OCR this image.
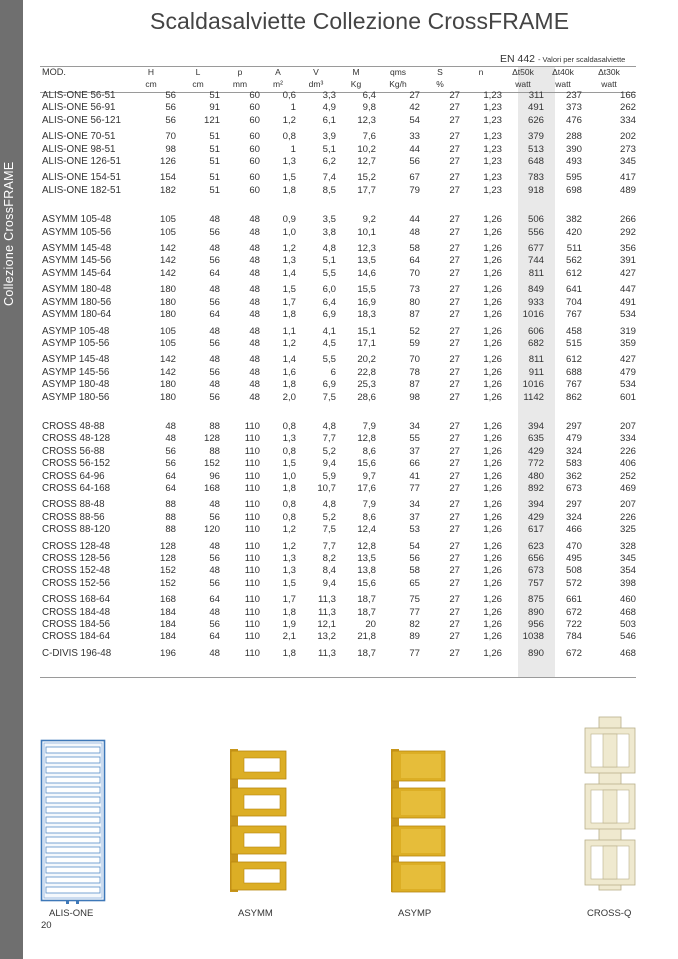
Collezione CrossFRAME
Scaldasalviette Collezione CrossFRAME
EN 442 - Valori per scaldasalviette
MOD.	H	L	p	A	V	M	qms	S	n	Δt50k	Δt40k	Δt30k
	cm	cm	mm	m²	dm³	Kg	Kg/h	%		watt	watt	watt
ALIS-ONE 56-51	56	51	60	0,6	3,3	6,4	27	27	1,23	311	237	166
ALIS-ONE 56-91	56	91	60	1	4,9	9,8	42	27	1,23	491	373	262
ALIS-ONE 56-121	56	121	60	1,2	6,1	12,3	54	27	1,23	626	476	334

ALIS-ONE 70-51	70	51	60	0,8	3,9	7,6	33	27	1,23	379	288	202
ALIS-ONE 98-51	98	51	60	1	5,1	10,2	44	27	1,23	513	390	273
ALIS-ONE 126-51	126	51	60	1,3	6,2	12,7	56	27	1,23	648	493	345

ALIS-ONE 154-51	154	51	60	1,5	7,4	15,2	67	27	1,23	783	595	417
ALIS-ONE 182-51	182	51	60	1,8	8,5	17,7	79	27	1,23	918	698	489

ASYMM 105-48	105	48	48	0,9	3,5	9,2	44	27	1,26	506	382	266
ASYMM 105-56	105	56	48	1,0	3,8	10,1	48	27	1,26	556	420	292

ASYMM 145-48	142	48	48	1,2	4,8	12,3	58	27	1,26	677	511	356
ASYMM 145-56	142	56	48	1,3	5,1	13,5	64	27	1,26	744	562	391
ASYMM 145-64	142	64	48	1,4	5,5	14,6	70	27	1,26	811	612	427

ASYMM 180-48	180	48	48	1,5	6,0	15,5	73	27	1,26	849	641	447
ASYMM 180-56	180	56	48	1,7	6,4	16,9	80	27	1,26	933	704	491
ASYMM 180-64	180	64	48	1,8	6,9	18,3	87	27	1,26	1016	767	534

ASYMP 105-48	105	48	48	1,1	4,1	15,1	52	27	1,26	606	458	319
ASYMP 105-56	105	56	48	1,2	4,5	17,1	59	27	1,26	682	515	359

ASYMP 145-48	142	48	48	1,4	5,5	20,2	70	27	1,26	811	612	427
ASYMP 145-56	142	56	48	1,6	6	22,8	78	27	1,26	911	688	479
ASYMP 180-48	180	48	48	1,8	6,9	25,3	87	27	1,26	1016	767	534
ASYMP 180-56	180	56	48	2,0	7,5	28,6	98	27	1,26	1142	862	601

CROSS 48-88	48	88	110	0,8	4,8	7,9	34	27	1,26	394	297	207
CROSS 48-128	48	128	110	1,3	7,7	12,8	55	27	1,26	635	479	334
CROSS 56-88	56	88	110	0,8	5,2	8,6	37	27	1,26	429	324	226
CROSS 56-152	56	152	110	1,5	9,4	15,6	66	27	1,26	772	583	406
CROSS 64-96	64	96	110	1,0	5,9	9,7	41	27	1,26	480	362	252
CROSS 64-168	64	168	110	1,8	10,7	17,6	77	27	1,26	892	673	469

CROSS 88-48	88	48	110	0,8	4,8	7,9	34	27	1,26	394	297	207
CROSS 88-56	88	56	110	0,8	5,2	8,6	37	27	1,26	429	324	226
CROSS 88-120	88	120	110	1,2	7,5	12,4	53	27	1,26	617	466	325

CROSS 128-48	128	48	110	1,2	7,7	12,8	54	27	1,26	623	470	328
CROSS 128-56	128	56	110	1,3	8,2	13,5	56	27	1,26	656	495	345
CROSS 152-48	152	48	110	1,3	8,4	13,8	58	27	1,26	673	508	354
CROSS 152-56	152	56	110	1,5	9,4	15,6	65	27	1,26	757	572	398

CROSS 168-64	168	64	110	1,7	11,3	18,7	75	27	1,26	875	661	460
CROSS 184-48	184	48	110	1,8	11,3	18,7	77	27	1,26	890	672	468
CROSS 184-56	184	56	110	1,9	12,1	20	82	27	1,26	956	722	503
CROSS 184-64	184	64	110	2,1	13,2	21,8	89	27	1,26	1038	784	546

C-DIVIS 196-48	196	48	110	1,8	11,3	18,7	77	27	1,26	890	672	468
ALIS-ONE	ASYMM	ASYMP	CROSS-Q
20
